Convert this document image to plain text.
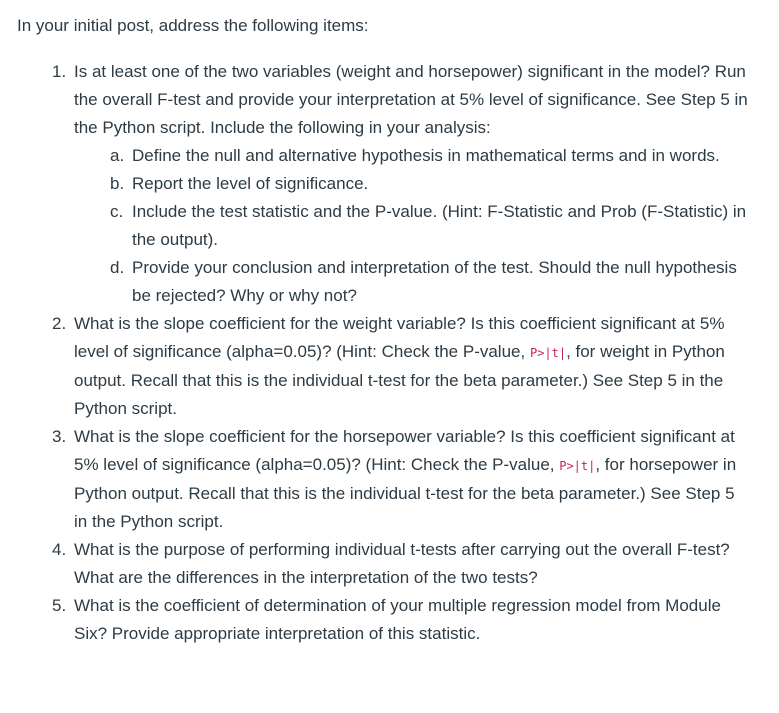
In your initial post, address the following items:

1. Is at least one of the two variables (weight and horsepower) significant in the model? Run the overall F-test and provide your interpretation at 5% level of significance. See Step 5 in the Python script. Include the following in your analysis:
a. Define the null and alternative hypothesis in mathematical terms and in words.
b. Report the level of significance.
c. Include the test statistic and the P-value. (Hint: F-Statistic and Prob (F-Statistic) in the output).
d. Provide your conclusion and interpretation of the test. Should the null hypothesis be rejected? Why or why not?
2. What is the slope coefficient for the weight variable? Is this coefficient significant at 5% level of significance (alpha=0.05)? (Hint: Check the P-value, P>|t|, for weight in Python output. Recall that this is the individual t-test for the beta parameter.) See Step 5 in the Python script.
3. What is the slope coefficient for the horsepower variable? Is this coefficient significant at 5% level of significance (alpha=0.05)? (Hint: Check the P-value, P>|t|, for horsepower in Python output. Recall that this is the individual t-test for the beta parameter.) See Step 5 in the Python script.
4. What is the purpose of performing individual t-tests after carrying out the overall F-test? What are the differences in the interpretation of the two tests?
5. What is the coefficient of determination of your multiple regression model from Module Six? Provide appropriate interpretation of this statistic.
